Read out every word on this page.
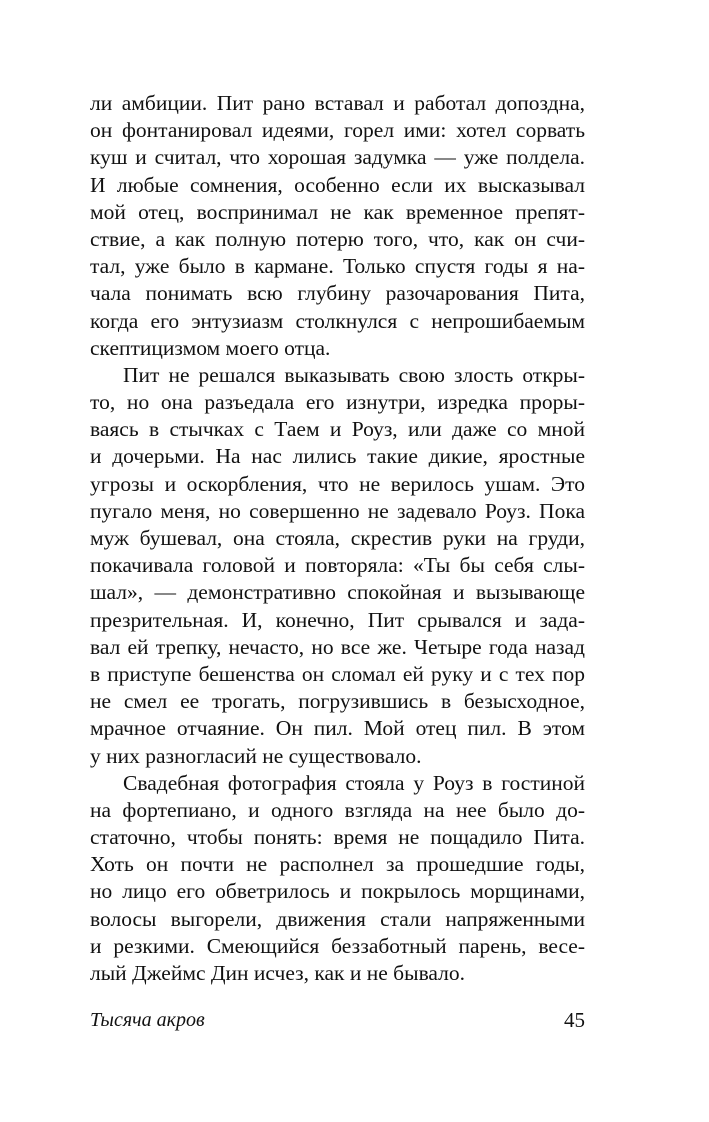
ли амбиции. Пит рано вставал и работал допоздна,
он фонтанировал идеями, горел ими: хотел сорвать
куш и считал, что хорошая задумка — уже полдела.
И любые сомнения, особенно если их высказывал
мой отец, воспринимал не как временное препят-
ствие, а как полную потерю того, что, как он счи-
тал, уже было в кармане. Только спустя годы я на-
чала понимать всю глубину разочарования Пита,
когда его энтузиазм столкнулся с непрошибаемым
скептицизмом моего отца.
Пит не решался выказывать свою злость откры-
то, но она разъедала его изнутри, изредка проры-
ваясь в стычках с Таем и Роуз, или даже со мной
и дочерьми. На нас лились такие дикие, яростные
угрозы и оскорбления, что не верилось ушам. Это
пугало меня, но совершенно не задевало Роуз. Пока
муж бушевал, она стояла, скрестив руки на груди,
покачивала головой и повторяла: «Ты бы себя слы-
шал», — демонстративно спокойная и вызывающе
презрительная. И, конечно, Пит срывался и зада-
вал ей трепку, нечасто, но все же. Четыре года назад
в приступе бешенства он сломал ей руку и с тех пор
не смел ее трогать, погрузившись в безысходное,
мрачное отчаяние. Он пил. Мой отец пил. В этом
у них разногласий не существовало.
Свадебная фотография стояла у Роуз в гостиной
на фортепиано, и одного взгляда на нее было до-
статочно, чтобы понять: время не пощадило Пита.
Хоть он почти не располнел за прошедшие годы,
но лицо его обветрилось и покрылось морщинами,
волосы выгорели, движения стали напряженными
и резкими. Смеющийся беззаботный парень, весе-
лый Джеймс Дин исчез, как и не бывало.
Тысяча акров	45
